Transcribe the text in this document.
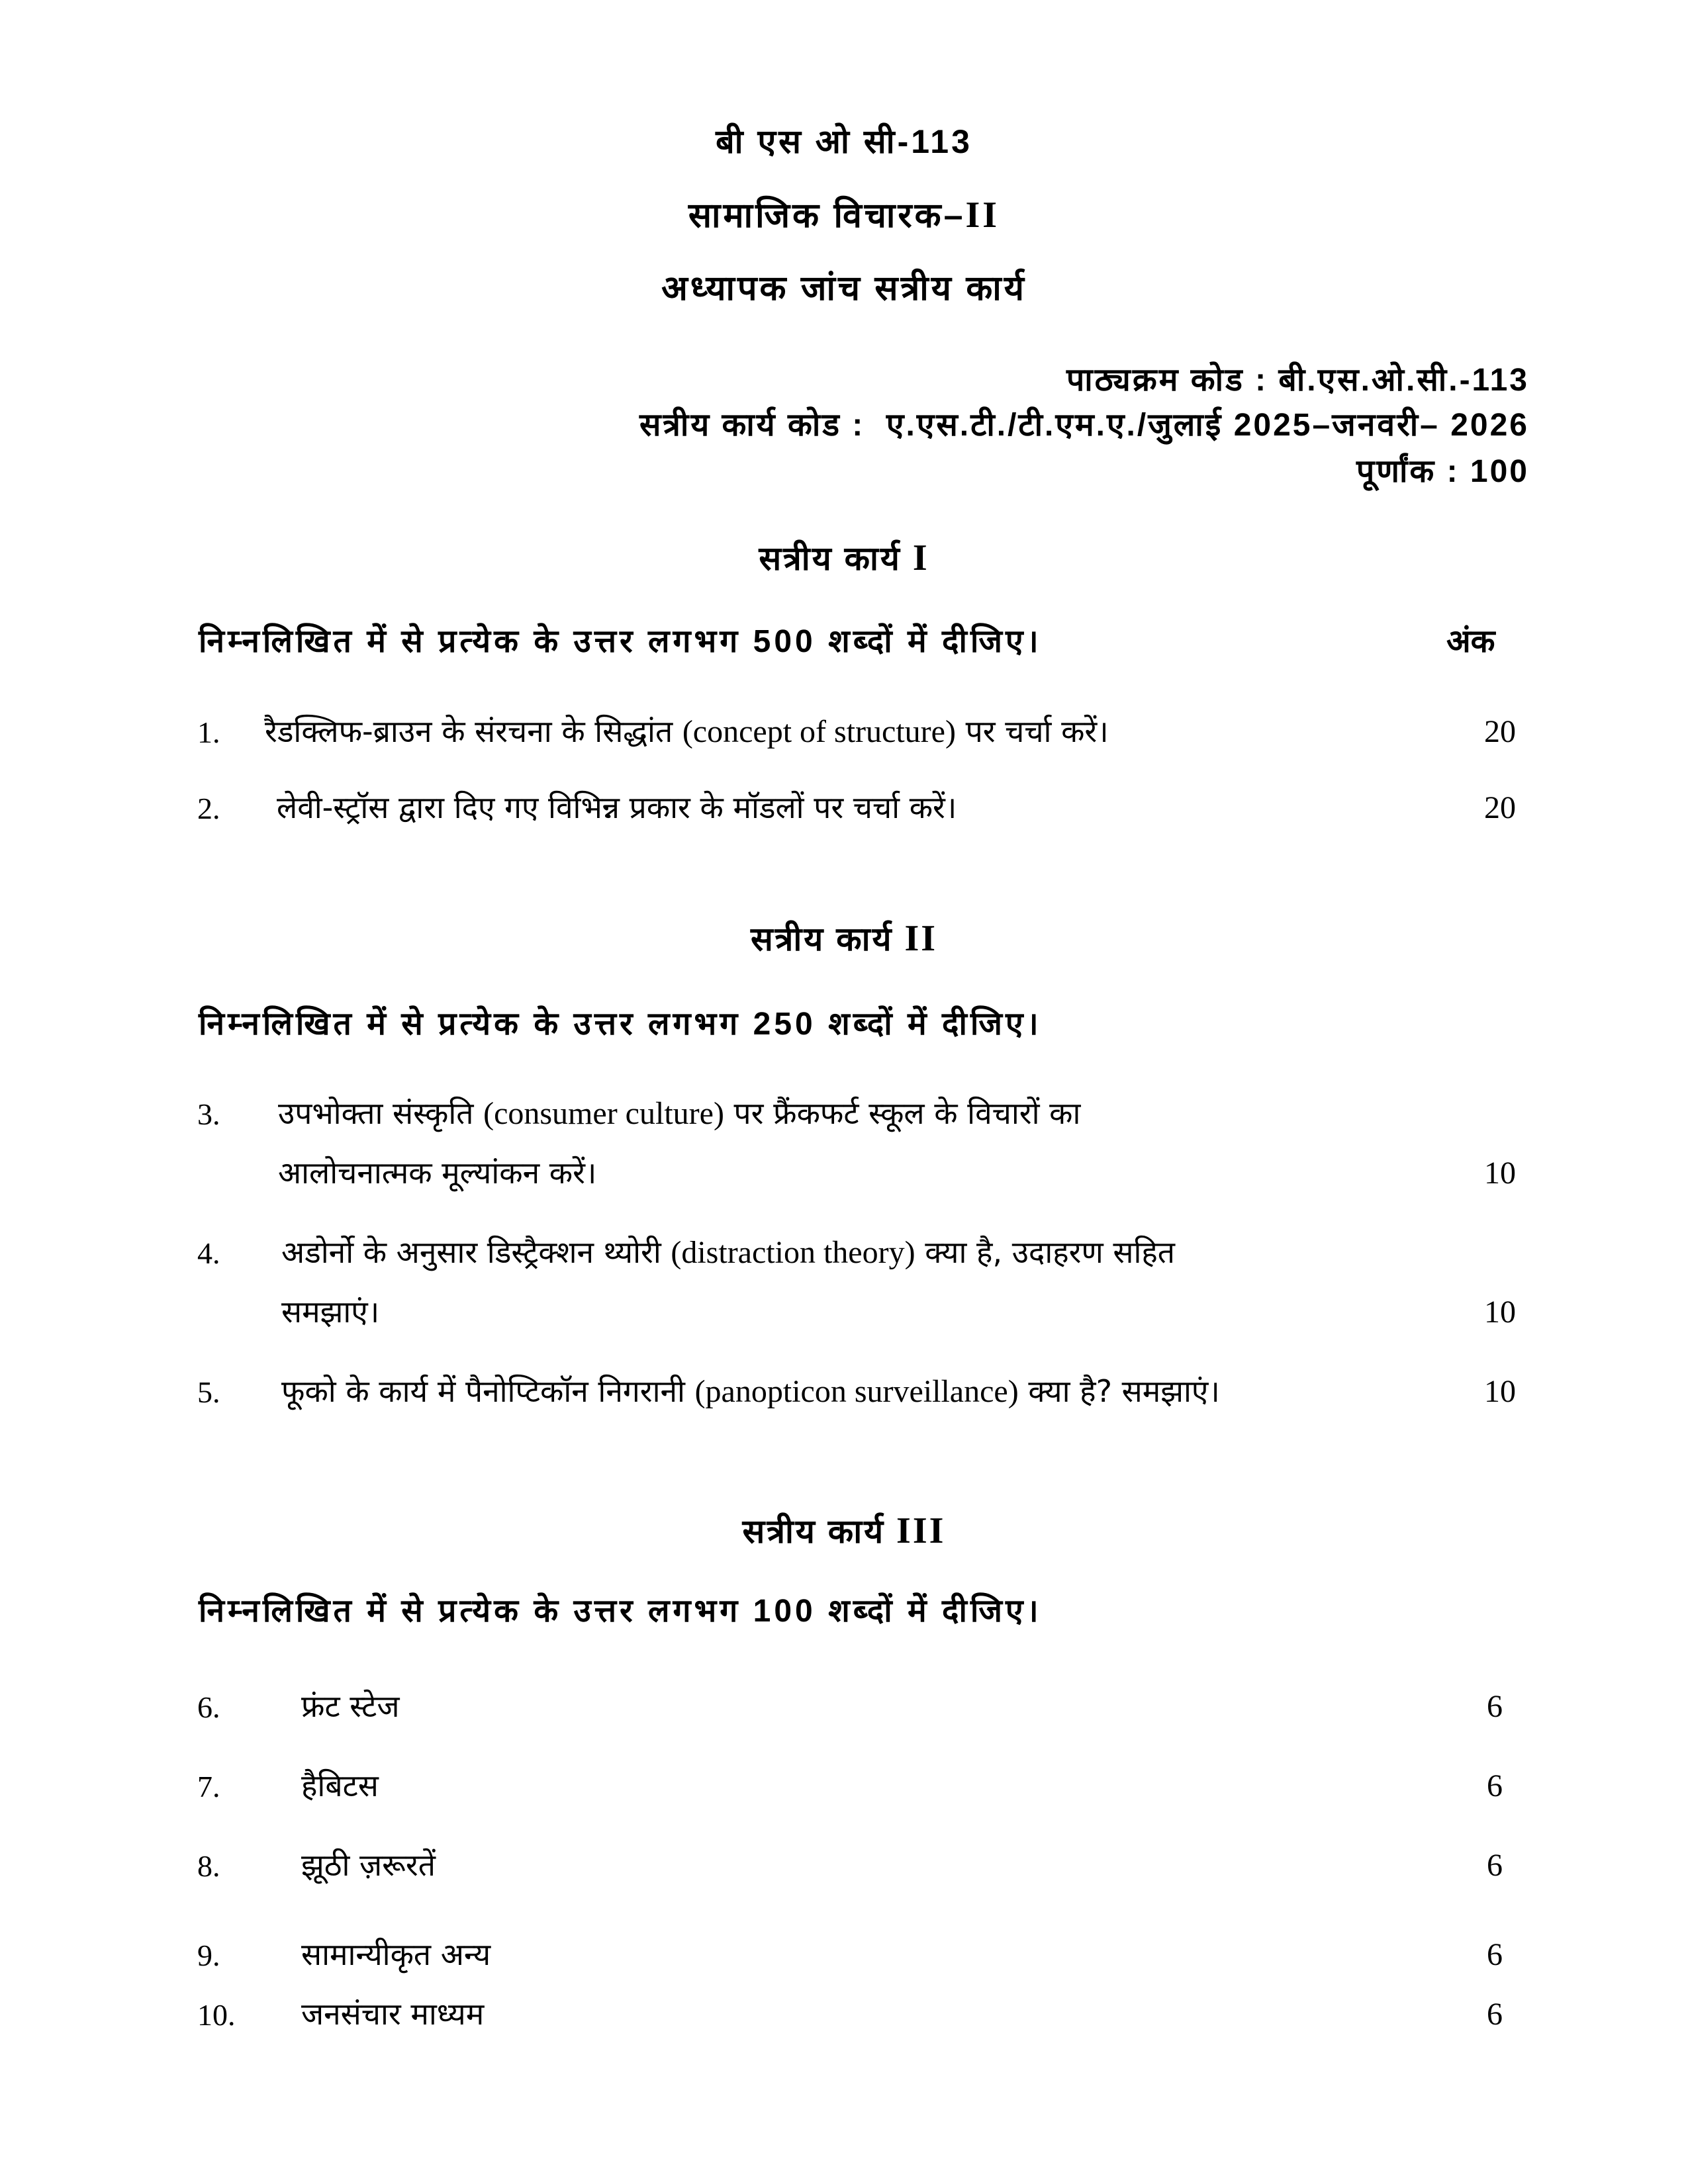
बी एस ओ सी-113
सामाजिक विचारक–II
अध्यापक जांच सत्रीय कार्य
पाठ्यक्रम कोड : बी.एस.ओ.सी.-113
सत्रीय कार्य कोड :  ए.एस.टी./टी.एम.ए./जुलाई 2025–जनवरी– 2026
पूर्णांक : 100
सत्रीय कार्य I
निम्नलिखित में से प्रत्येक के उत्तर लगभग 500 शब्दों में दीजिए।	अंक
1. रैडक्लिफ-ब्राउन के संरचना के सिद्धांत (concept of structure) पर चर्चा करें।	20
2. लेवी-स्ट्रॉस द्वारा दिए गए विभिन्न प्रकार के मॉडलों पर चर्चा करें।	20
सत्रीय कार्य II
निम्नलिखित में से प्रत्येक के उत्तर लगभग 250 शब्दों में दीजिए।
3. उपभोक्ता संस्कृति (consumer culture) पर फ्रैंकफर्ट स्कूल के विचारों का
आलोचनात्मक मूल्यांकन करें।	10
4. अडोर्नो के अनुसार डिस्ट्रैक्शन थ्योरी (distraction theory) क्या है, उदाहरण सहित
समझाएं।	10
5. फूको के कार्य में पैनोप्टिकॉन निगरानी (panopticon surveillance) क्या है? समझाएं।	10
सत्रीय कार्य III
निम्नलिखित में से प्रत्येक के उत्तर लगभग 100 शब्दों में दीजिए।
6.	फ्रंट स्टेज	6
7.	हैबिटस	6
8.	झूठी ज़रूरतें	6
9.	सामान्यीकृत अन्य	6
10. जनसंचार माध्यम	6
